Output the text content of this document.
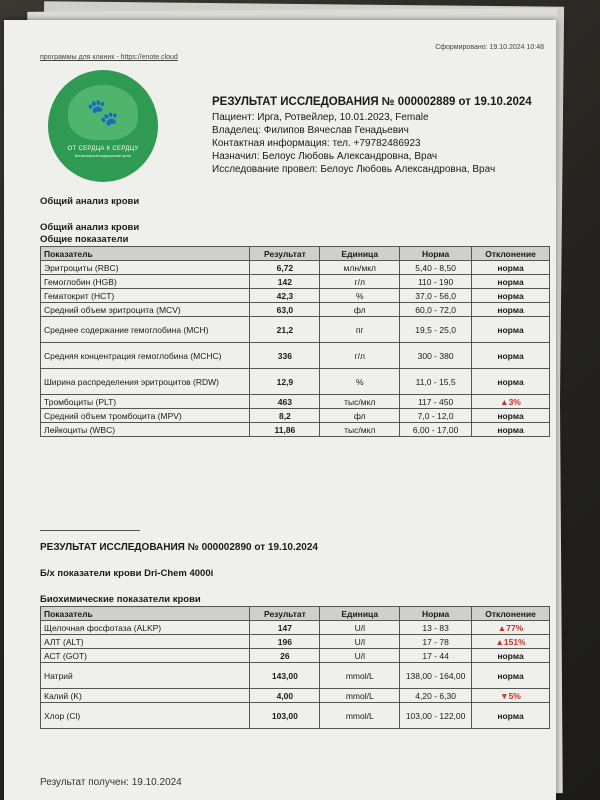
программы для клиник - https://enote.cloud
Сформировано: 19.10.2024 10:48
🐾
ОТ СЕРДЦА К СЕРДЦУ
Ветеринарный медицинский центр
РЕЗУЛЬТАТ ИССЛЕДОВАНИЯ № 000002889 от 19.10.2024
Пациент: Ирга, Ротвейлер, 10.01.2023, Female
Владелец: Филипов Вячеслав Генадьевич
Контактная информация: тел. +79782486923
Назначил: Белоус Любовь Александровна, Врач
Исследование провел: Белоус Любовь Александровна, Врач
Общий анализ крови
Общий анализ крови
Общие показатели
Показатель	Результат	Единица	Норма	Отклонение
Эритроциты (RBC)	6,72	млн/мкл	5,40 - 8,50	норма
Гемоглобин (HGB)	142	г/л	110 - 190	норма
Гематокрит (HCT)	42,3	%	37,0 - 56,0	норма
Средний объем эритроцита (MCV)	63,0	фл	60,0 - 72,0	норма
Среднее содержание гемоглобина (MCH)	21,2	пг	19,5 - 25,0	норма
Средняя концентрация гемоглобина (MCHC)	336	г/л	300 - 380	норма
Ширина распределения эритроцитов (RDW)	12,9	%	11,0 - 15,5	норма
Тромбоциты (PLT)	463	тыс/мкл	117 - 450	▲3%
Средний объем тромбоцита (MPV)	8,2	фл	7,0 - 12,0	норма
Лейкоциты (WBC)	11,86	тыс/мкл	6,00 - 17,00	норма
РЕЗУЛЬТАТ ИССЛЕДОВАНИЯ № 000002890 от 19.10.2024
Б/х показатели крови Dri-Chem 4000i
Биохимические показатели крови
Показатель	Результат	Единица	Норма	Отклонение
Щелочная фосфотаза (ALKP)	147	U/l	13 - 83	▲77%
АЛТ (ALT)	196	U/l	17 - 78	▲151%
АСТ (GOT)	26	U/l	17 - 44	норма
Натрий	143,00	mmol/L	138,00 - 164,00	норма
Калий (K)	4,00	mmol/L	4,20 - 6,30	▼5%
Хлор (Cl)	103,00	mmol/L	103,00 - 122,00	норма
Результат получен: 19.10.2024
